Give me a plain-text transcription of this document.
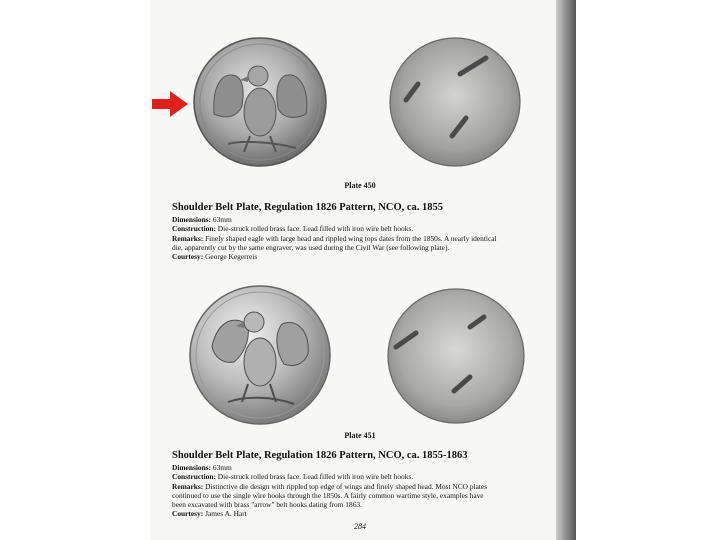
Plate 450
Shoulder Belt Plate, Regulation 1826 Pattern, NCO, ca. 1855

Dimensions: 63mm

Construction: Die-struck rolled brass face. Lead filled with iron wire belt hooks.

Remarks: Finely shaped eagle with large head and rippled wing tops dates from the 1850s. A nearly identical

die, apparently cut by the same engraver, was used during the Civil War (see following plate).

Courtesy: George Kegerreis

Plate 451
Shoulder Belt Plate, Regulation 1826 Pattern, NCO, ca. 1855-1863

Dimensions: 63mm

Construction: Die-struck rolled brass face. Lead filled with iron wire belt hooks.

Remarks: Distinctive die design with rippled top edge of wings and finely shaped head. Most NCO plates

continued to use the single wire hooks through the 1850s. A fairly common wartime style, examples have

been excavated with brass "arrow" belt hooks dating from 1863.

Courtesy: James A. Hart

284
